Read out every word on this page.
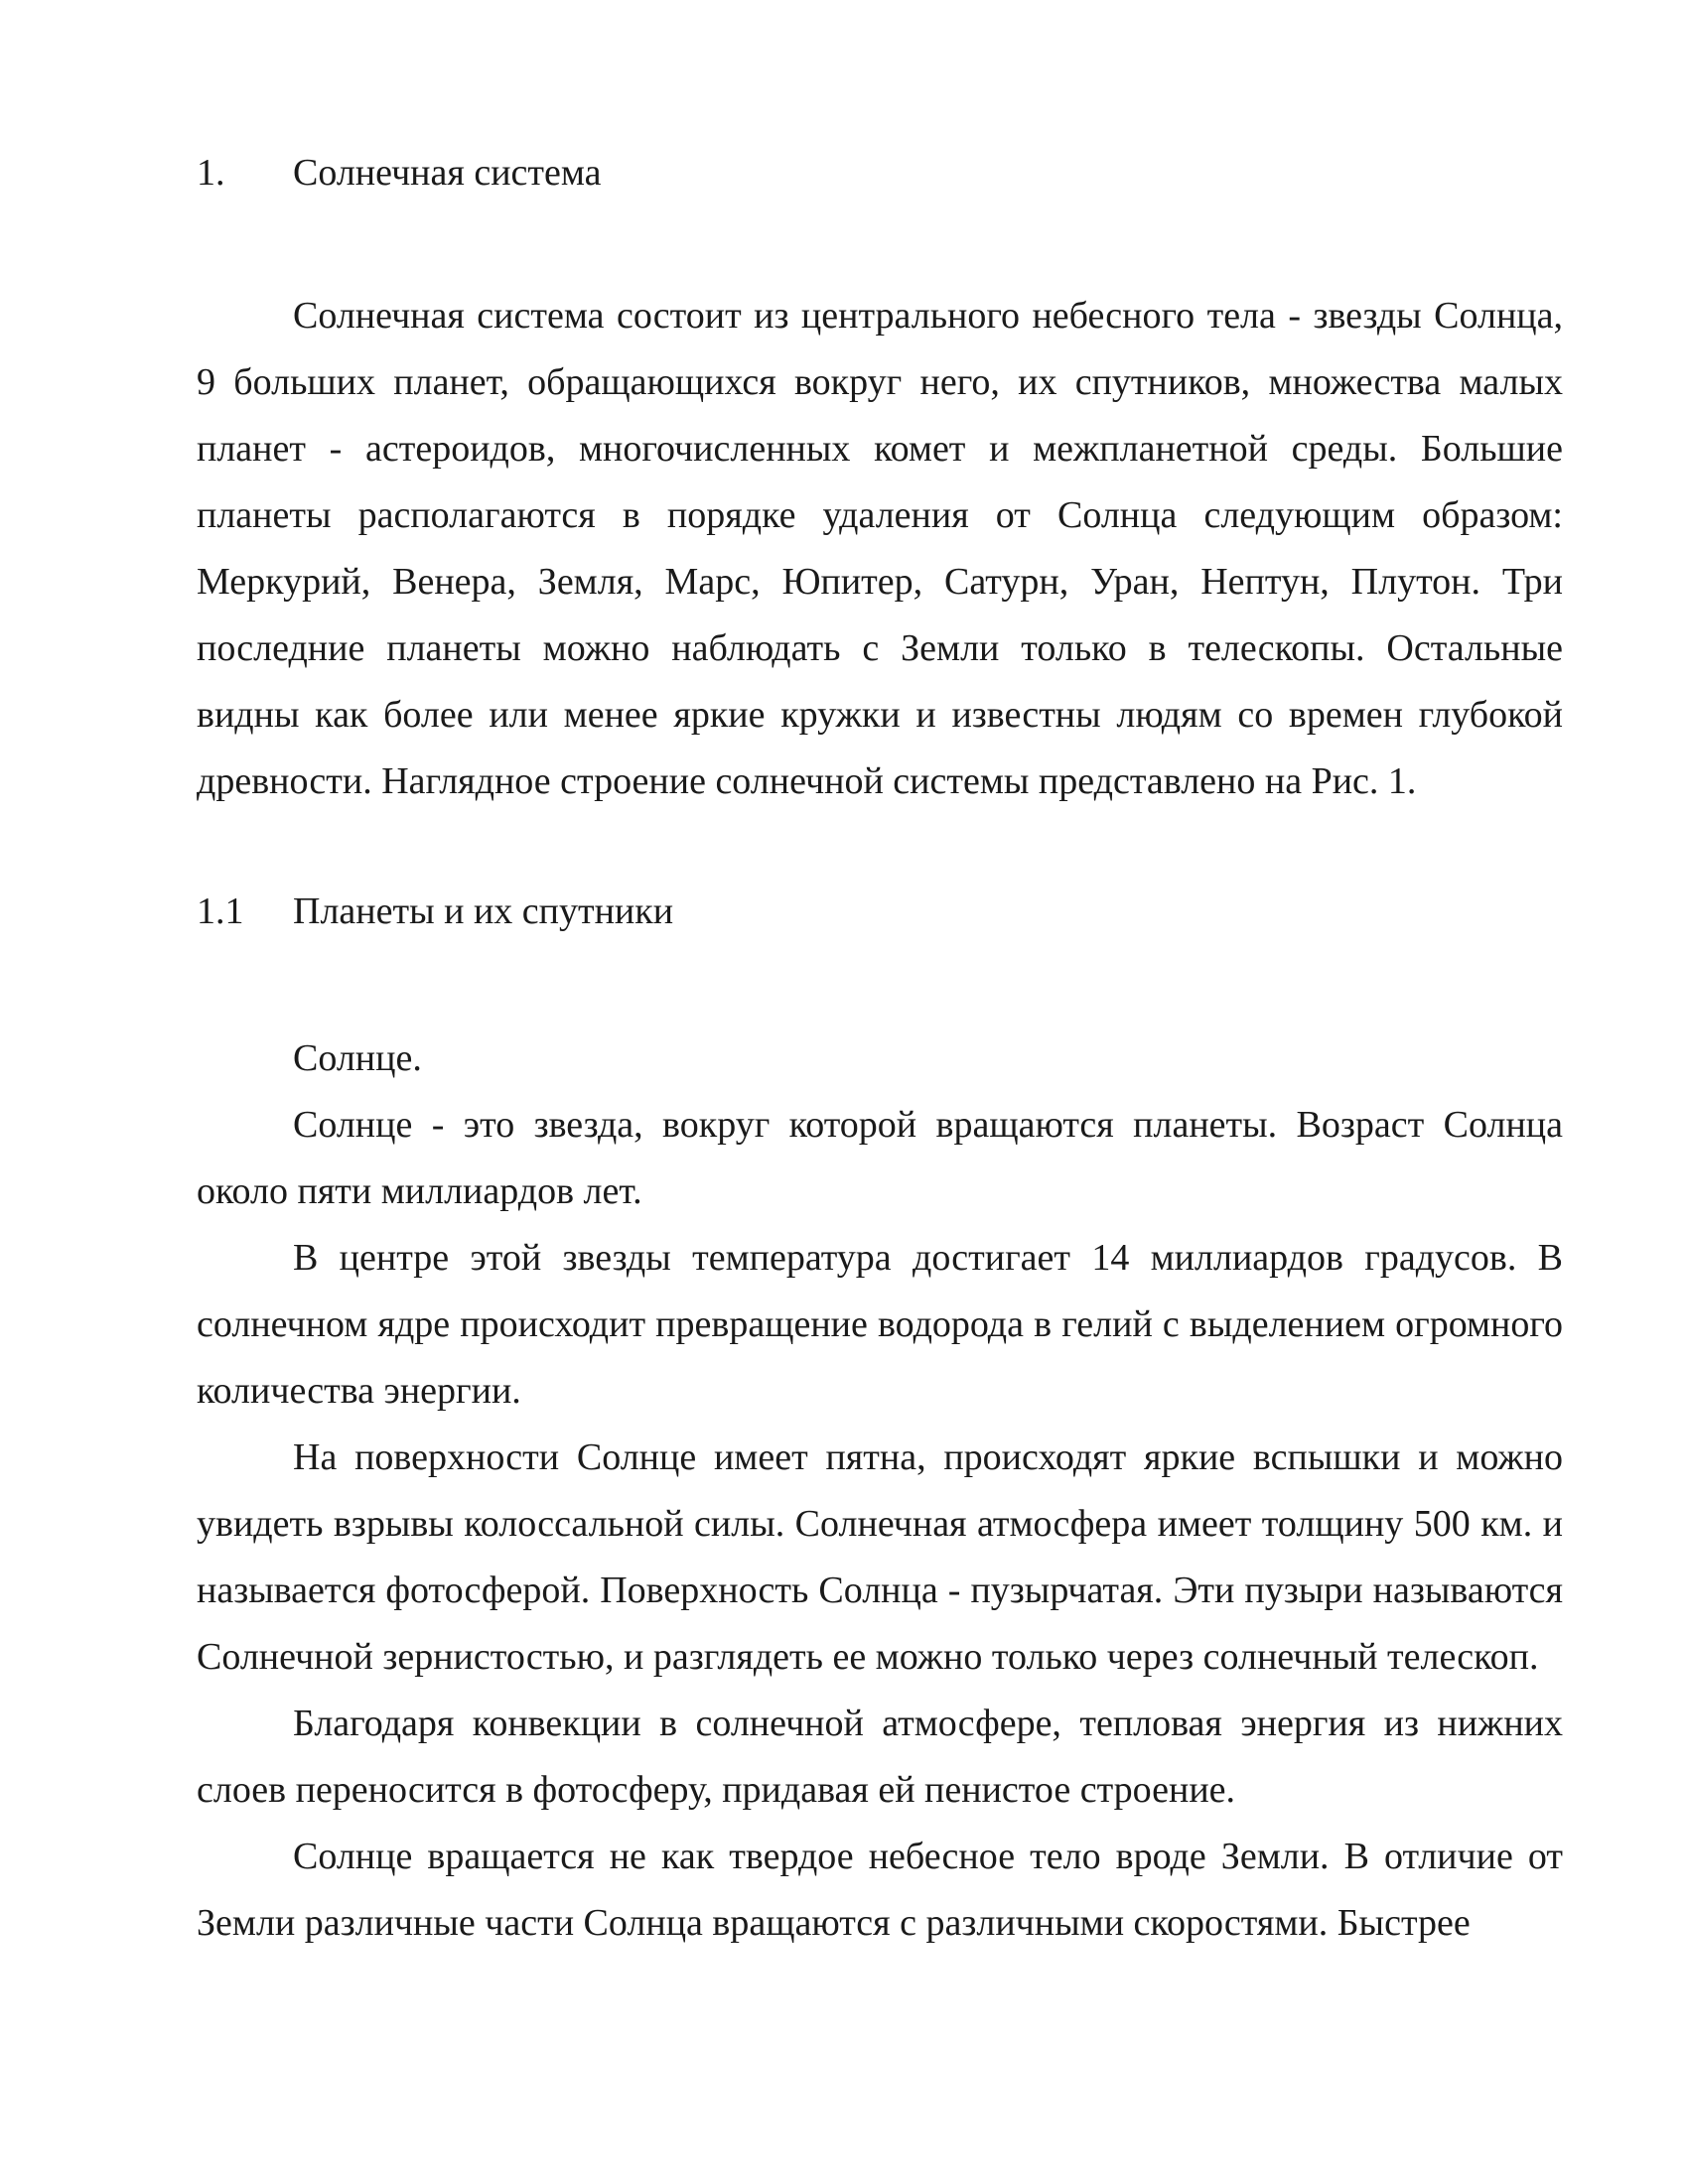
1.	Солнечная система

Солнечная система состоит из центрального небесного тела - звезды Солнца, 9 больших планет, обращающихся вокруг него, их спутников, множества малых планет - астероидов, многочисленных комет и межпланетной среды. Большие планеты располагаются в порядке удаления от Солнца следующим образом: Меркурий, Венера, Земля, Марс, Юпитер, Сатурн, Уран, Нептун, Плутон. Три последние планеты можно наблюдать с Земли только в телескопы. Остальные видны как более или менее яркие кружки и известны людям со времен глубокой древности. Наглядное строение солнечной системы представлено на Рис. 1.

1.1	Планеты и их спутники

Солнце.

Солнце - это звезда, вокруг которой вращаются планеты. Возраст Солнца около пяти миллиардов лет.

В центре этой звезды температура достигает 14 миллиардов градусов. В солнечном ядре происходит превращение водорода в гелий с выделением огромного количества энергии.

На поверхности Солнце имеет пятна, происходят яркие вспышки и можно увидеть взрывы колоссальной силы. Солнечная атмосфера имеет толщину 500 км. и называется фотосферой. Поверхность Солнца - пузырчатая. Эти пузыри называются Солнечной зернистостью, и разглядеть ее можно только через солнечный телескоп.

Благодаря конвекции в солнечной атмосфере, тепловая энергия из нижних слоев переносится в фотосферу, придавая ей пенистое строение.

Солнце вращается не как твердое небесное тело вроде Земли. В отличие от Земли различные части Солнца вращаются с различными скоростями. Быстрее
